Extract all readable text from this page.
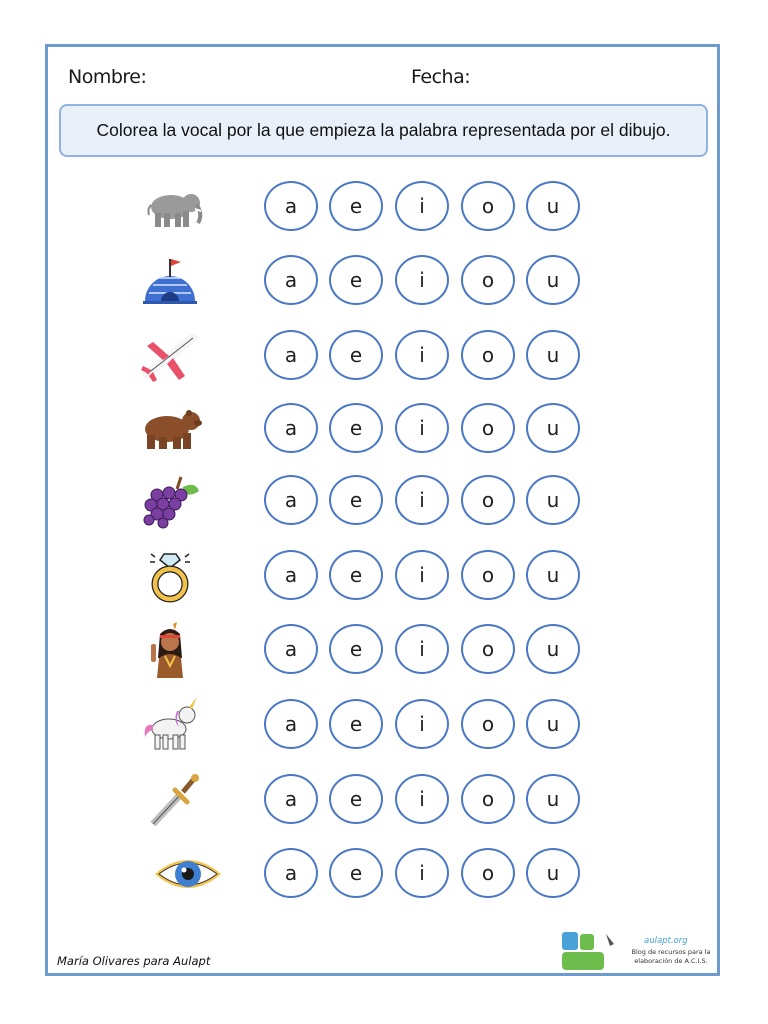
Nombre:	Fecha:
Colorea la vocal por la que empieza la palabra representada por el dibujo.
a	e	i	o	u
a	e	i	o	u
a	e	i	o	u
a	e	i	o	u
a	e	i	o	u
a	e	i	o	u
a	e	i	o	u
a	e	i	o	u
a	e	i	o	u
a	e	i	o	u
María Olivares para Aulapt
aulapt.org
Blog de recursos para la elaboración de A.C.I.S.
